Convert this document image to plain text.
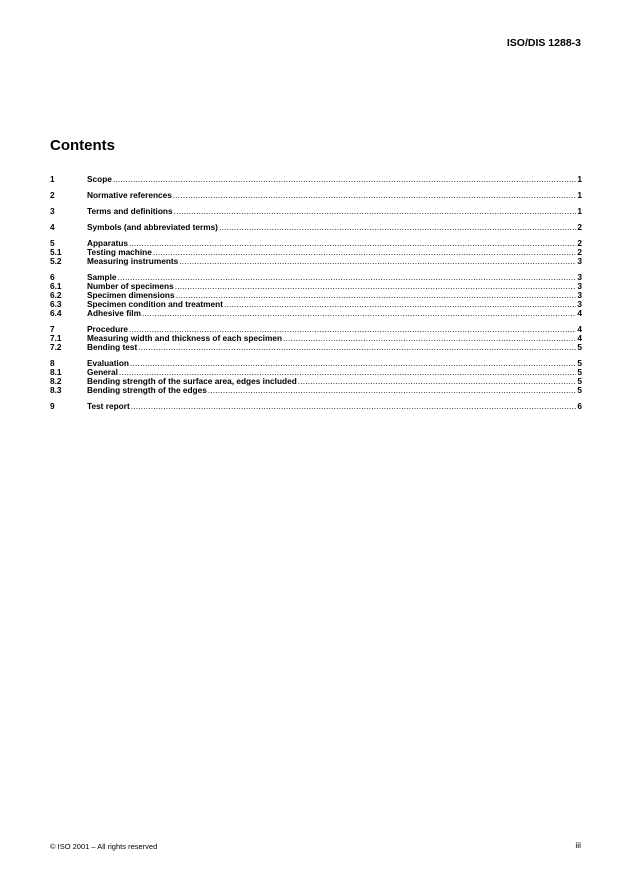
ISO/DIS 1288-3
Contents
1	Scope .....	1
2	Normative references .....	1
3	Terms and definitions .....	1
4	Symbols (and abbreviated terms) .....	2
5	Apparatus .....	2
5.1	Testing machine .....	2
5.2	Measuring instruments .....	3
6	Sample .....	3
6.1	Number of specimens .....	3
6.2	Specimen dimensions .....	3
6.3	Specimen condition and treatment .....	3
6.4	Adhesive film .....	4
7	Procedure .....	4
7.1	Measuring width and thickness of each specimen .....	4
7.2	Bending test .....	5
8	Evaluation .....	5
8.1	General .....	5
8.2	Bending strength of the surface area, edges included .....	5
8.3	Bending strength of the edges .....	5
9	Test report .....	6
© ISO 2001 – All rights reserved	iii
